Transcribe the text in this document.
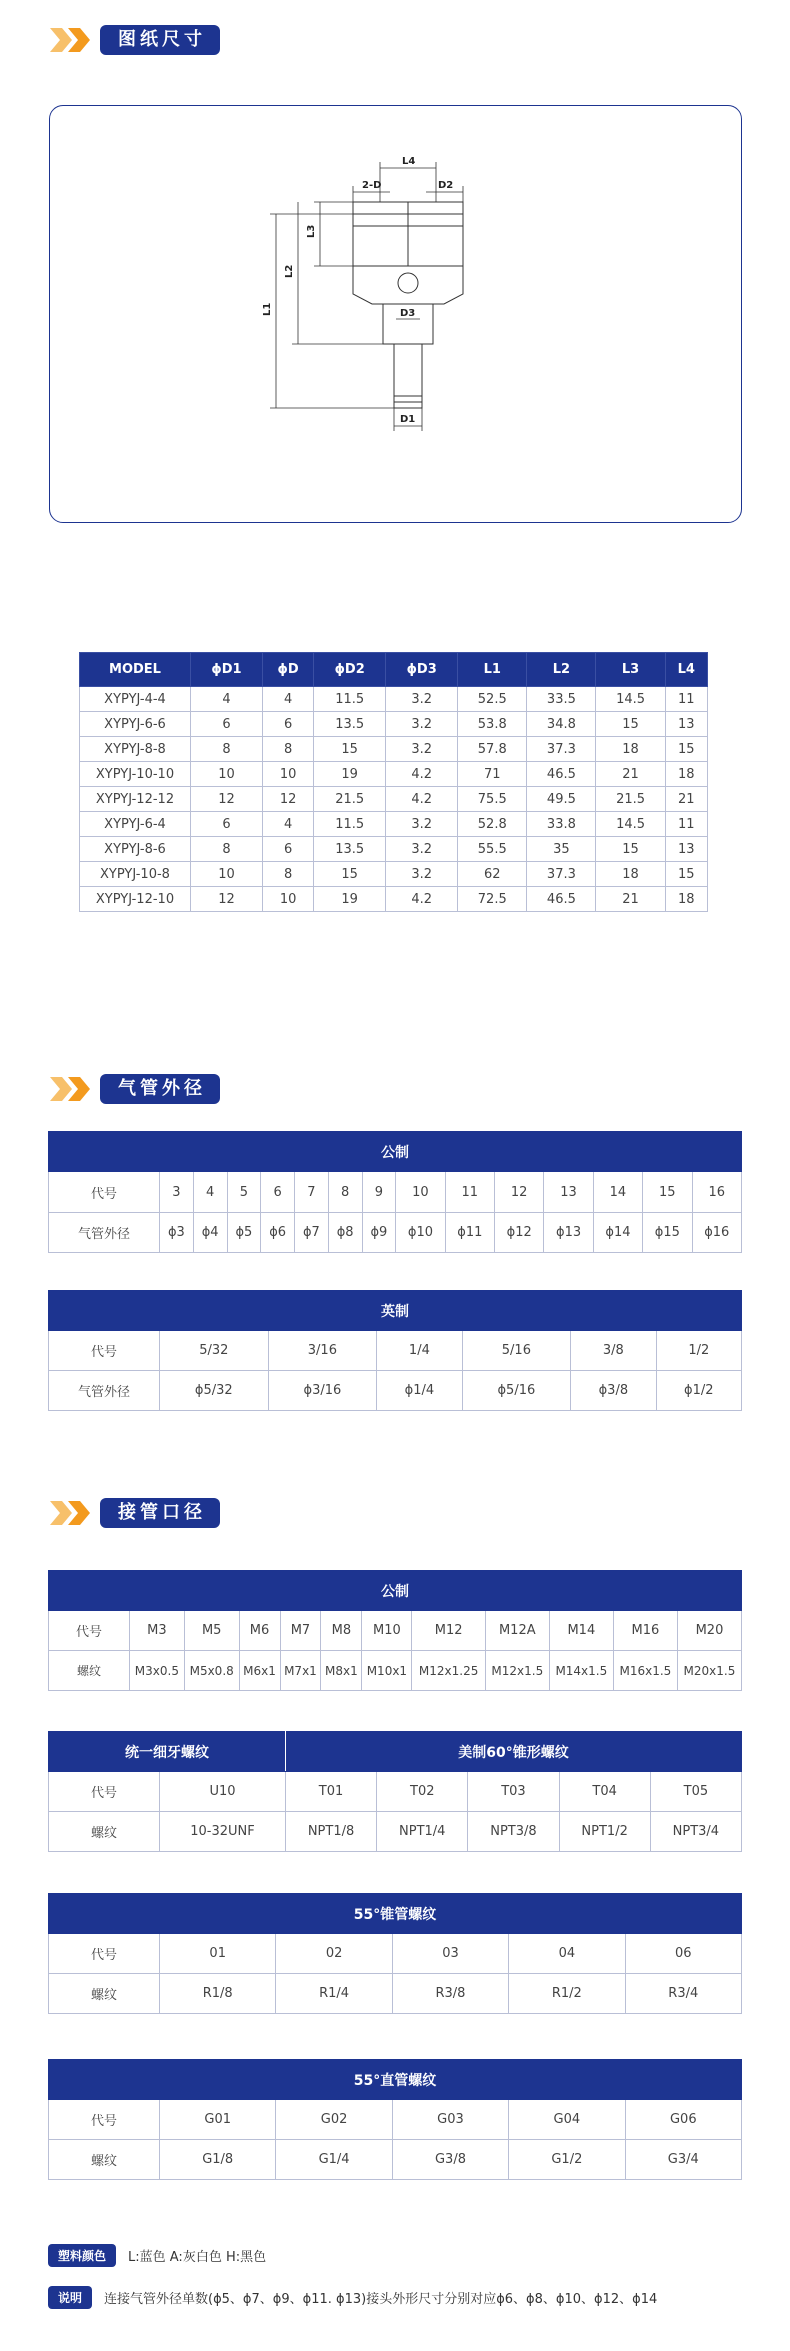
图纸尺寸
L4
2-D	D2
L3
L2
L1	D3
D1
MODEL	ϕD1	ϕD	ϕD2	ϕD3	L1	L2	L3	L4
XYPYJ-4-4	4	4	11.5	3.2	52.5	33.5	14.5	11
XYPYJ-6-6	6	6	13.5	3.2	53.8	34.8	15	13
XYPYJ-8-8	8	8	15	3.2	57.8	37.3	18	15
XYPYJ-10-10	10	10	19	4.2	71	46.5	21	18
XYPYJ-12-12	12	12	21.5	4.2	75.5	49.5	21.5	21
XYPYJ-6-4	6	4	11.5	3.2	52.8	33.8	14.5	11
XYPYJ-8-6	8	6	13.5	3.2	55.5	35	15	13
XYPYJ-10-8	10	8	15	3.2	62	37.3	18	15
XYPYJ-12-10	12	10	19	4.2	72.5	46.5	21	18
气管外径
公制														
代号	3	4	5	6	7	8	9	10	11	12	13	14	15	16
气管外径	ϕ3	ϕ4	ϕ5	ϕ6	ϕ7	ϕ8	ϕ9	ϕ10	ϕ11	ϕ12	ϕ13	ϕ14	ϕ15	ϕ16
英制						
代号	5/32	3/16	1/4	5/16	3/8	1/2
气管外径	ϕ5/32	ϕ3/16	ϕ1/4	ϕ5/16	ϕ3/8	ϕ1/2
接管口径
公制											
代号	M3	M5	M6	M7	M8	M10	M12	M12A	M14	M16	M20
螺纹	M3x0.5	M5x0.8	M6x1	M7x1	M8x1	M10x1	M12x1.25	M12x1.5	M14x1.5	M16x1.5	M20x1.5
统一细牙螺纹		美制60°锥形螺纹				
代号	U10	T01	T02	T03	T04	T05
螺纹	10-32UNF	NPT1/8	NPT1/4	NPT3/8	NPT1/2	NPT3/4
55°锥管螺纹					
代号	01	02	03	04	06
螺纹	R1/8	R1/4	R3/8	R1/2	R3/4
55°直管螺纹					
代号	G01	G02	G03	G04	G06
螺纹	G1/8	G1/4	G3/8	G1/2	G3/4
塑料颜色	L:蓝色 A:灰白色 H:黑色
说明	连接气管外径单数(ϕ5、ϕ7、ϕ9、ϕ11. ϕ13)接头外形尺寸分别对应ϕ6、ϕ8、ϕ10、ϕ12、ϕ14
